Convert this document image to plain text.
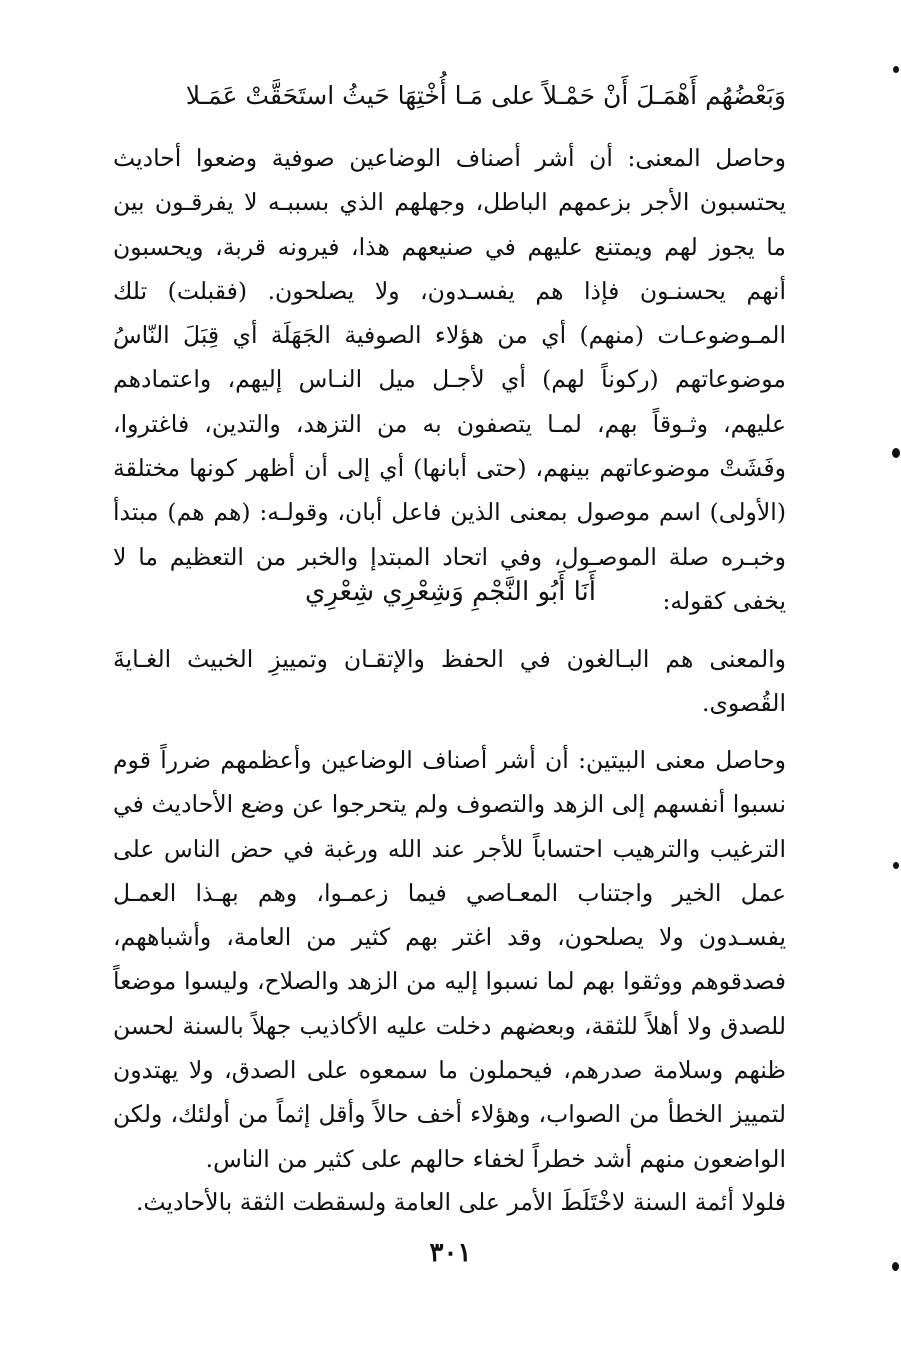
وَبَعْضُهُم أَهْمَـلَ أَنْ حَمْـلاً على مَـا أُخْتِهَا حَيثُ استَحَقَّتْ عَمَـلا

وحاصل المعنى: أن أشر أصناف الوضاعين صوفية وضعوا أحاديث يحتسبون الأجر بزعمهم الباطل، وجهلهم الذي بسببـه لا يفرقـون بين ما يجوز لهم ويمتنع عليهم في صنيعهم هذا، فيرونه قربة، ويحسبون أنهم يحسنـون فإذا هم يفسـدون، ولا يصلحون. (فقبلت) تلك المـوضوعـات (منهم) أي من هؤلاء الصوفية الجَهَلَة أي قِبَلَ النّاسُ موضوعاتهم (ركوناً لهم) أي لأجـل ميل النـاس إليهم، واعتمادهم عليهم، وثـوقاً بهم، لمـا يتصفون به من التزهد، والتدين، فاغتروا، وفَشَتْ موضوعاتهم بينهم، (حتى أبانها) أي إلى أن أظهر كونها مختلقة (الأولى) اسم موصول بمعنى الذين فاعل أبان، وقولـه: (هم هم) مبتدأ وخبـره صلة الموصـول، وفي اتحاد المبتدإ والخبر من التعظيم ما لا يخفى كقوله:

أَنَا أَبُو النَّجْمِ وَشِعْرِي شِعْرِي

والمعنى هم البـالغون في الحفظ والإتقـان وتمييزِ الخبيث الغـايةَ القُصوى.

وحاصل معنى البيتين: أن أشر أصناف الوضاعين وأعظمهم ضرراً قوم نسبوا أنفسهم إلى الزهد والتصوف ولم يتحرجوا عن وضع الأحاديث في الترغيب والترهيب احتساباً للأجر عند الله ورغبة في حض الناس على عمل الخير واجتناب المعـاصي فيما زعمـوا، وهم بهـذا العمـل يفسـدون ولا يصلحون، وقد اغتر بهم كثير من العامة، وأشباههم، فصدقوهم ووثقوا بهم لما نسبوا إليه من الزهد والصلاح، وليسوا موضعاً للصدق ولا أهلاً للثقة، وبعضهم دخلت عليه الأكاذيب جهلاً بالسنة لحسن ظنهم وسلامة صدرهم، فيحملون ما سمعوه على الصدق، ولا يهتدون لتمييز الخطأ من الصواب، وهؤلاء أخف حالاً وأقل إثماً من أولئك، ولكن الواضعون منهم أشد خطراً لخفاء حالهم على كثير من الناس.

فلولا أئمة السنة لاخْتَلَطَ الأمر على العامة ولسقطت الثقة بالأحاديث.

٣٠١
